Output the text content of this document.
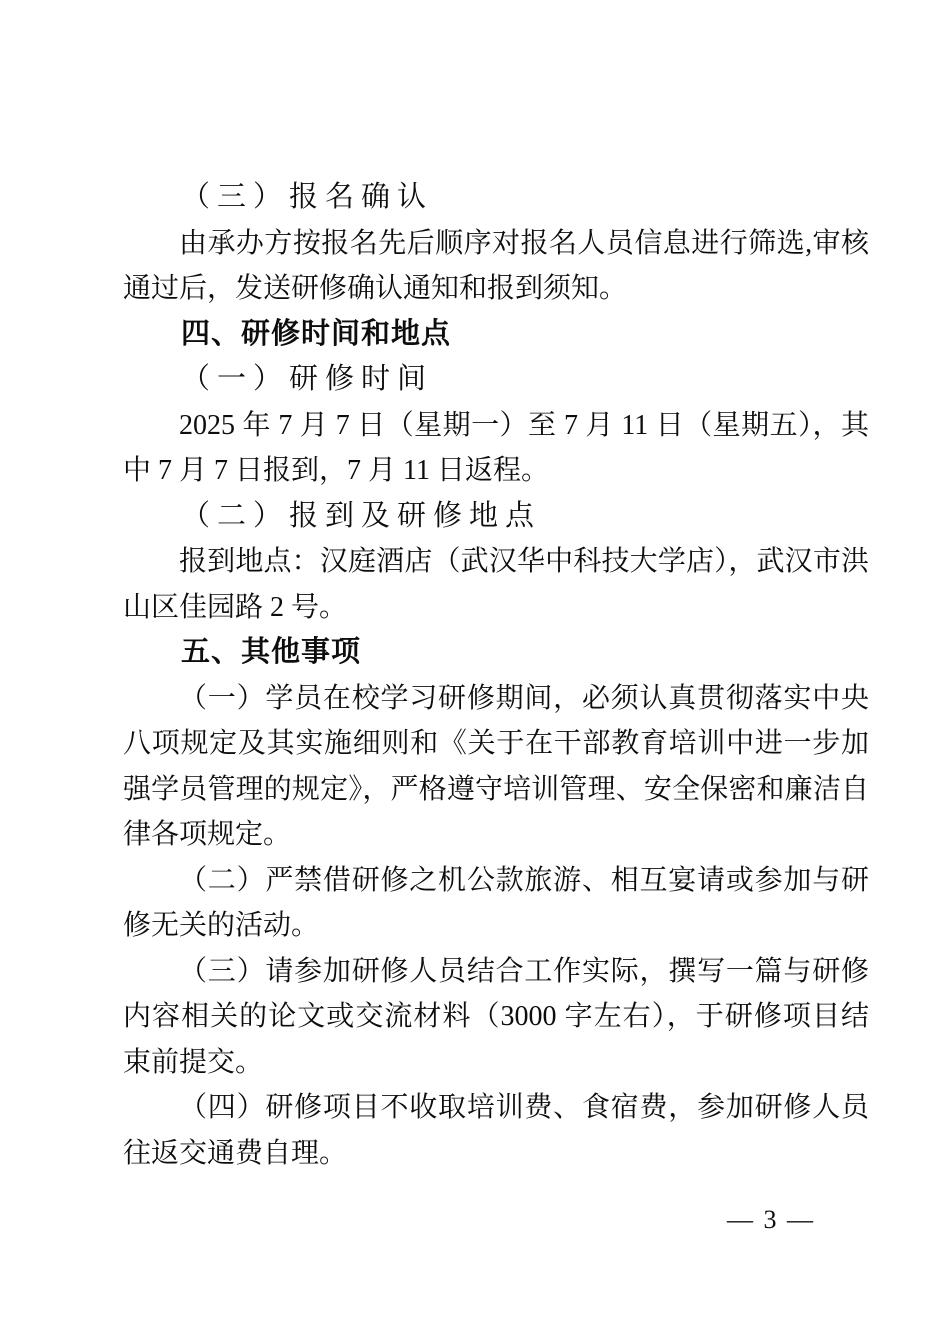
（三）报名确认

由承办方按报名先后顺序对报名人员信息进行筛选,审核通过后，发送研修确认通知和报到须知。

四、研修时间和地点

（一）研修时间

2025 年 7 月 7 日（星期一）至 7 月 11 日（星期五），其中 7 月 7 日报到，7 月 11 日返程。

（二）报到及研修地点

报到地点：汉庭酒店（武汉华中科技大学店），武汉市洪山区佳园路 2 号。

五、其他事项

（一）学员在校学习研修期间，必须认真贯彻落实中央八项规定及其实施细则和《关于在干部教育培训中进一步加强学员管理的规定》，严格遵守培训管理、安全保密和廉洁自律各项规定。

（二）严禁借研修之机公款旅游、相互宴请或参加与研修无关的活动。

（三）请参加研修人员结合工作实际，撰写一篇与研修内容相关的论文或交流材料（3000 字左右），于研修项目结束前提交。

（四）研修项目不收取培训费、食宿费，参加研修人员往返交通费自理。

— 3 —
